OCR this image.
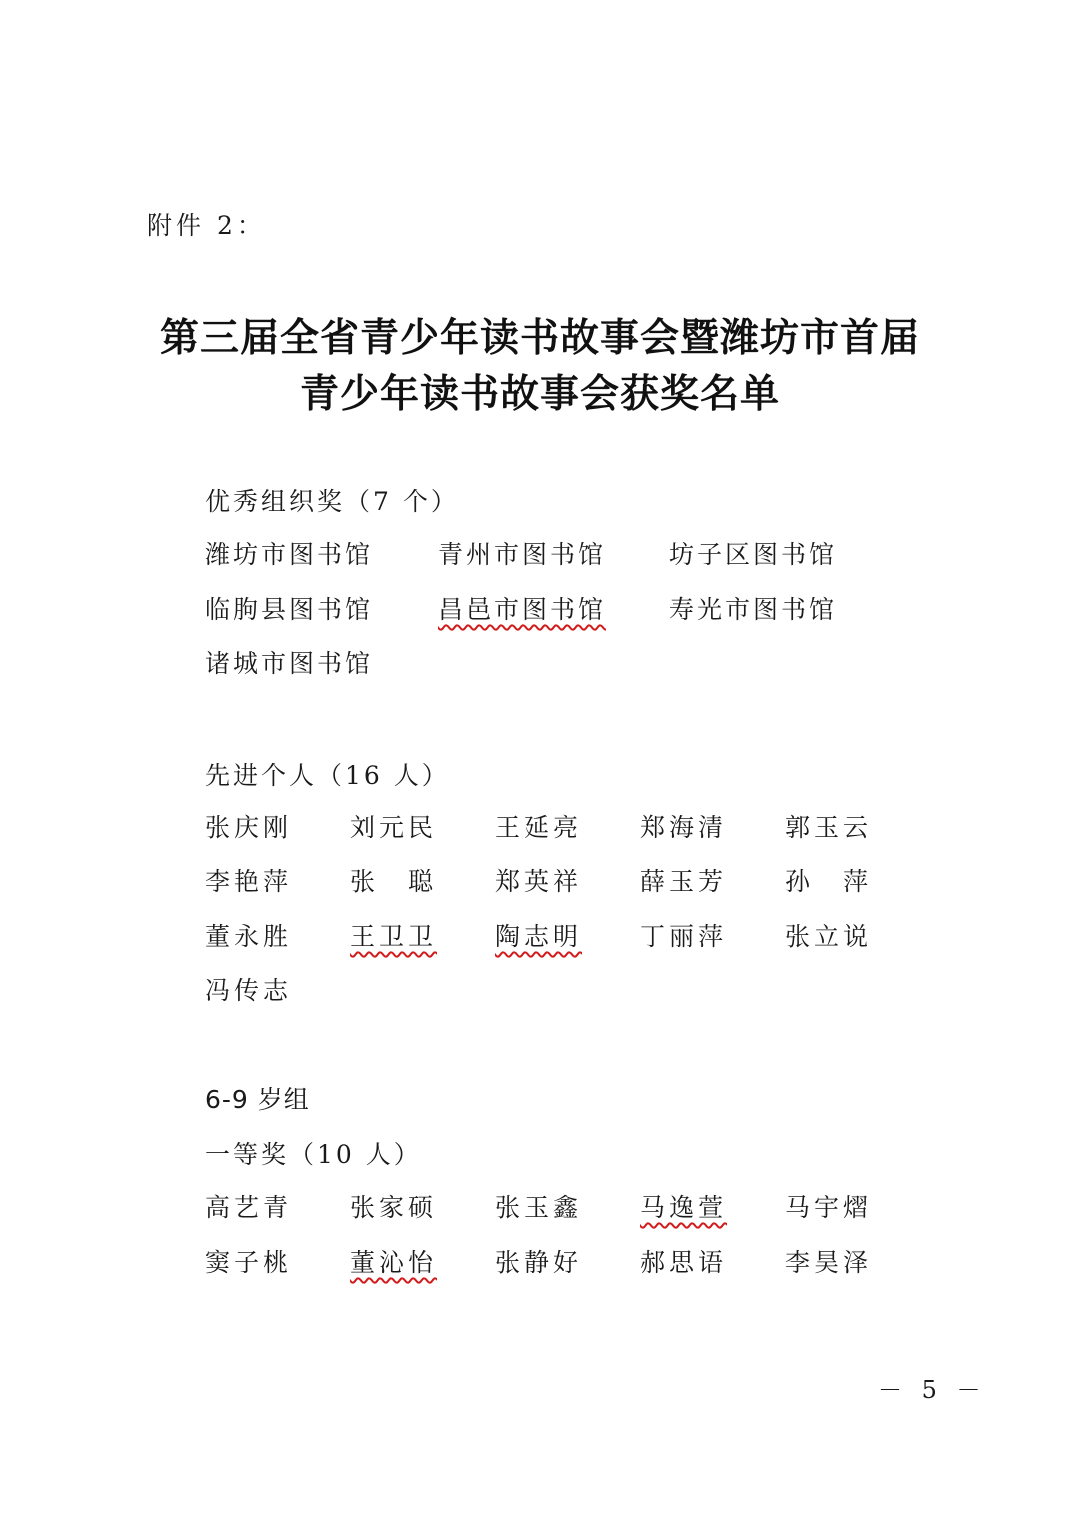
附件 2：
第三届全省青少年读书故事会暨潍坊市首届
青少年读书故事会获奖名单
优秀组织奖（7 个）
潍坊市图书馆	青州市图书馆	坊子区图书馆
临朐县图书馆	昌邑市图书馆	寿光市图书馆
诸城市图书馆
先进个人（16 人）
张庆刚 刘元民 王延亮 郑海清 郭玉云
李艳萍 张　聪 郑英祥 薛玉芳 孙　萍
董永胜 王卫卫 陶志明 丁丽萍 张立说
冯传志
6-9 岁组
一等奖（10 人）
高艺青 张家硕 张玉鑫 马逸萱 马宇熠
窦子桃 董沁怡 张静好 郝思语 李昊泽
－ 5 －
